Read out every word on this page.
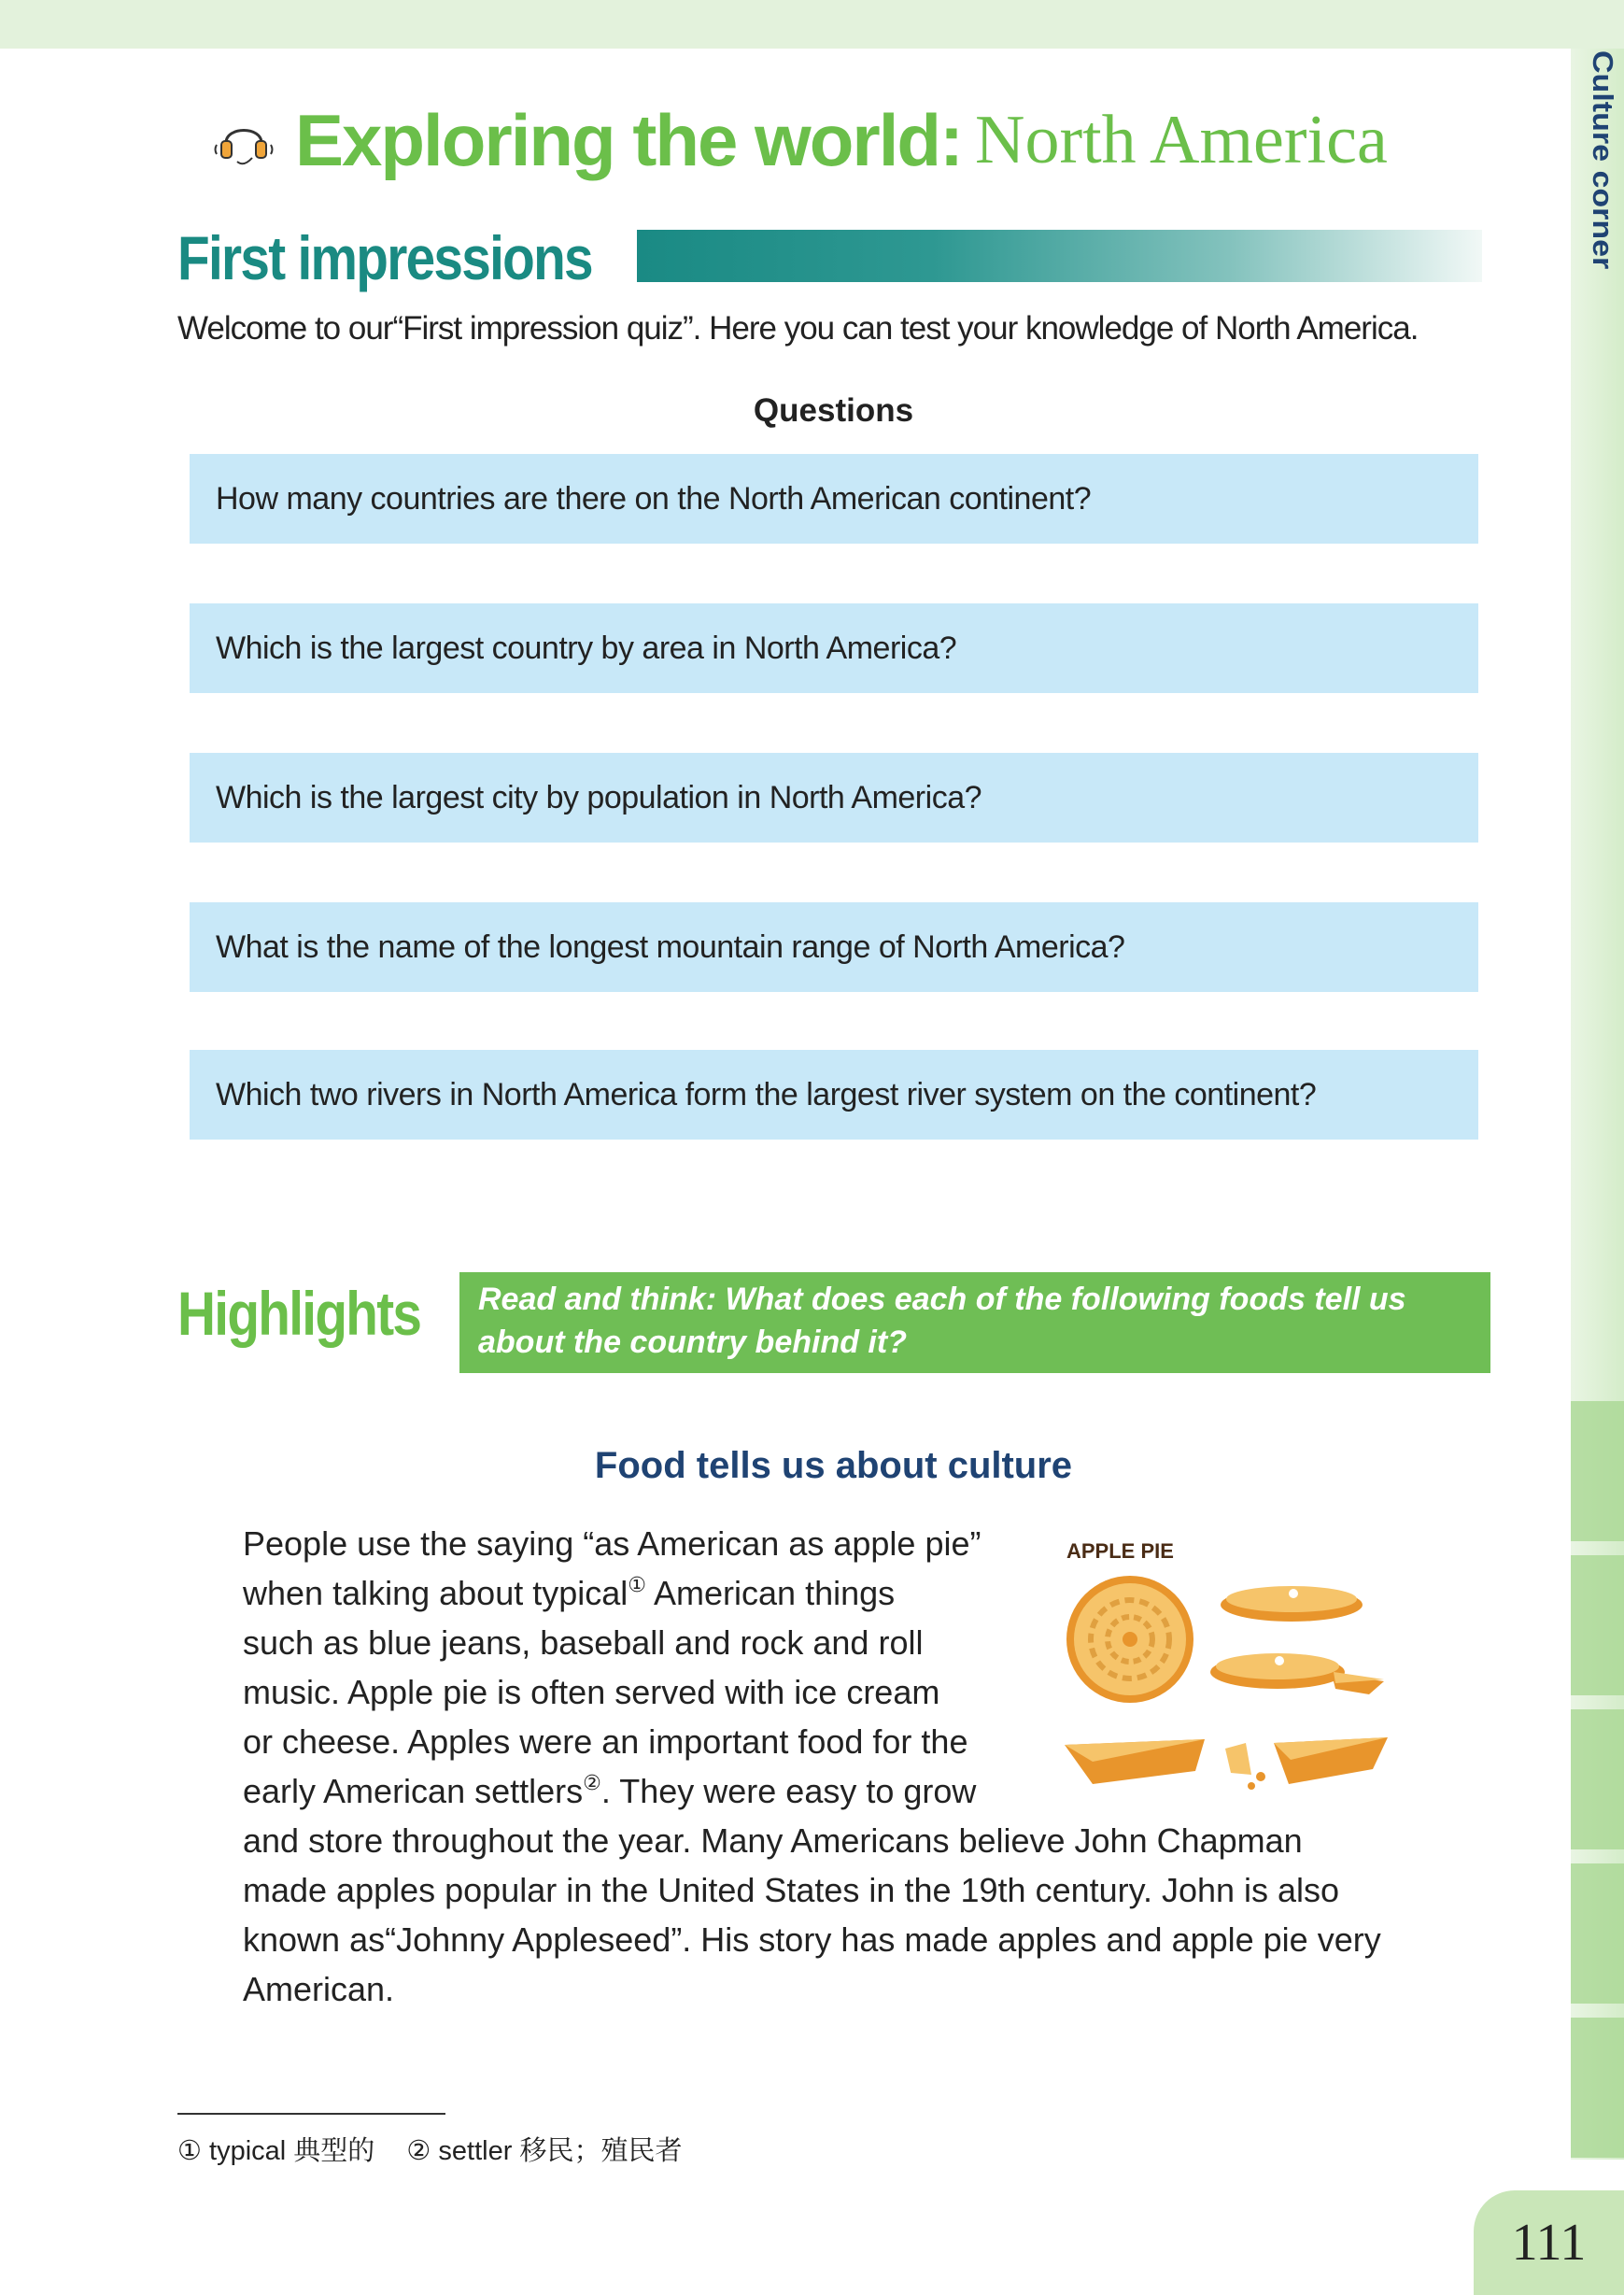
Culture corner
111
Exploring the world: North America
First impressions
Welcome to our“First impression quiz”. Here you can test your knowledge of North America.
Questions
How many countries are there on the North American continent?
Which is the largest country by area in North America?
Which is the largest city by population in North America?
What is the name of the longest mountain range of North America?
Which two rivers in North America form the largest river system on the continent?
Highlights Read and think: What does each of the following foods tell us
about the country behind it?
Food tells us about culture
People use the saying “as American as apple pie”
when talking about typical① American things
such as blue jeans, baseball and rock and roll
music. Apple pie is often served with ice cream
or cheese. Apples were an important food for the
early American settlers②. They were easy to grow
and store throughout the year. Many Americans believe John Chapman
made apples popular in the United States in the 19th century. John is also
known as“Johnny Appleseed”. His story has made apples and apple pie very
American.
APPLE PIE
① typical 典型的 ② settler 移民；殖民者
